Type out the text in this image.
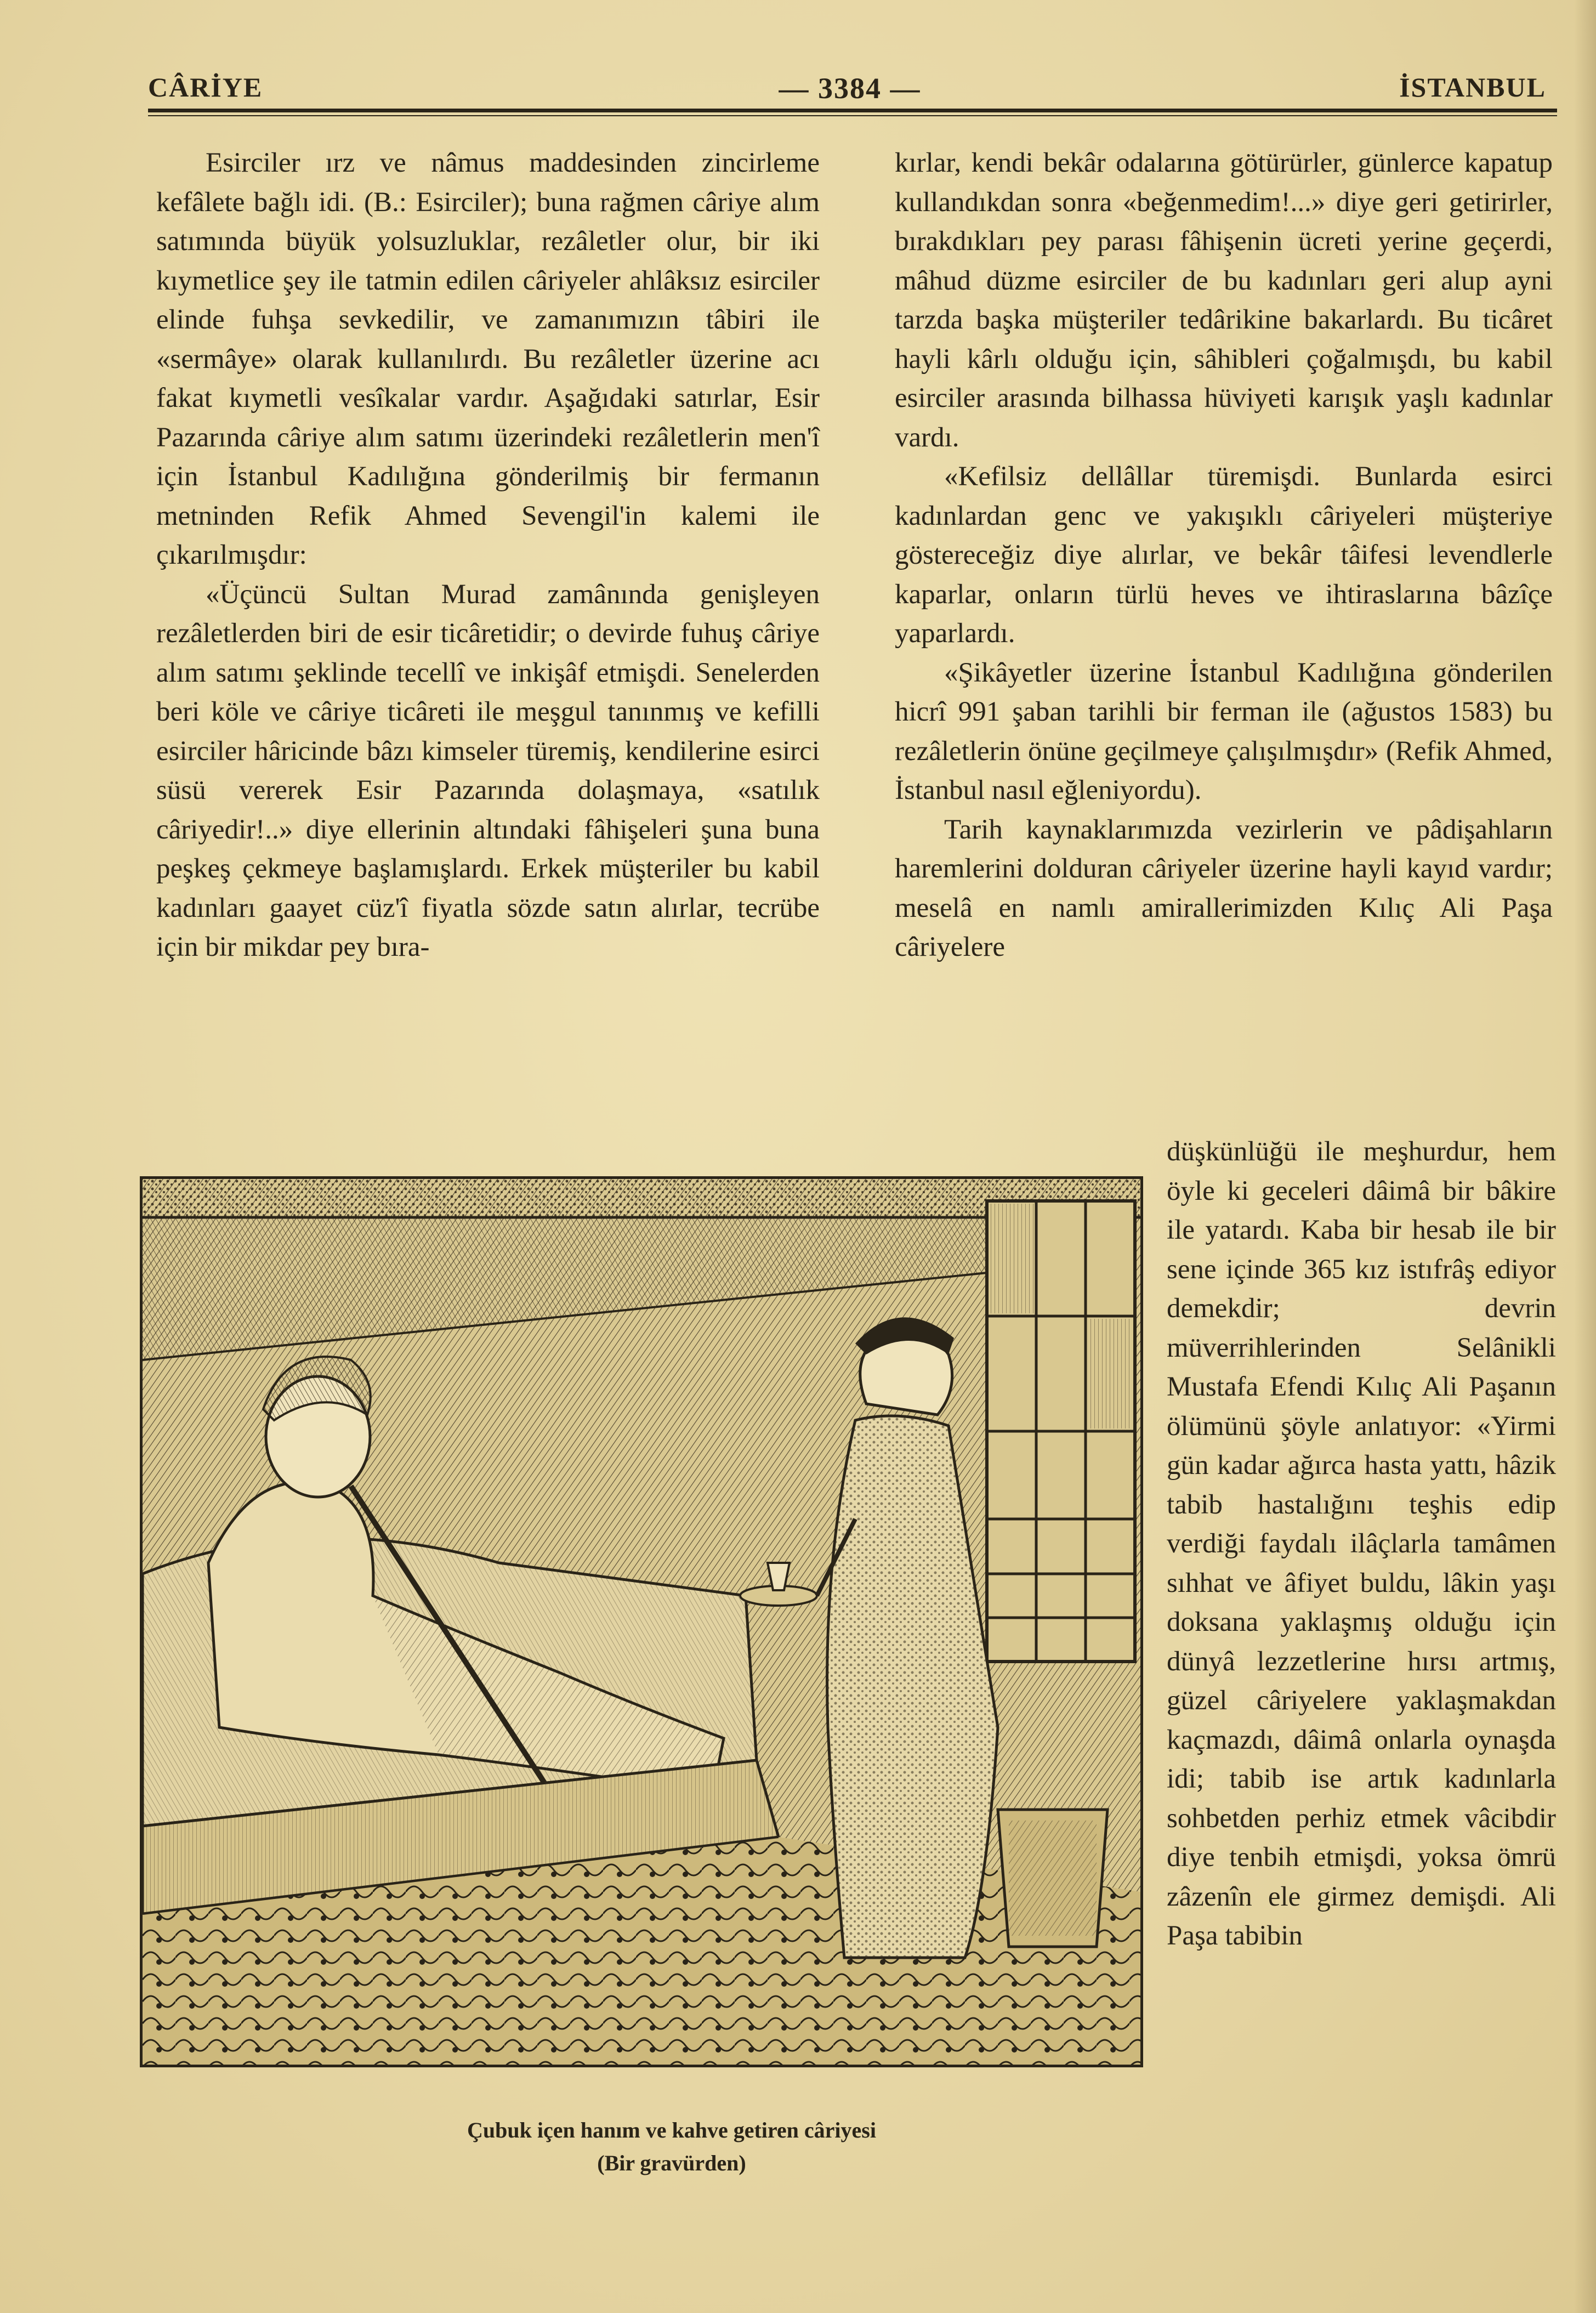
— 3384 —
CÂRİYE	İSTANBUL

Esirciler ırz ve nâmus maddesinden zincirleme kefâlete bağlı idi. (B.: Esirciler); buna rağmen câriye alım satımında büyük yolsuzluklar, rezâletler olur, bir iki kıymetlice şey ile tatmin edilen câriyeler ahlâksız esirciler elinde fuhşa sevkedilir, ve zamanımızın tâbiri ile «sermâye» olarak kullanılırdı. Bu rezâletler üzerine acı fakat kıymetli vesîkalar vardır. Aşağıdaki satırlar, Esir Pazarında câriye alım satımı üzerindeki rezâletlerin men'î için İstanbul Kadılığına gönderilmiş bir fermanın metninden Refik Ahmed Sevengil'in kalemi ile çıkarılmışdır:

«Üçüncü Sultan Murad zamânında genişleyen rezâletlerden biri de esir ticâretidir; o devirde fuhuş câriye alım satımı şeklinde tecellî ve inkişâf etmişdi. Senelerden beri köle ve câriye ticâreti ile meşgul tanınmış ve kefilli esirciler hâricinde bâzı kimseler türemiş, kendilerine esirci süsü vererek Esir Pazarında dolaşmaya, «satılık câriyedir!..» diye ellerinin altındaki fâhişeleri şuna buna peşkeş çekmeye başlamışlardı. Erkek müşteriler bu kabil kadınları gaayet cüz'î fiyatla sözde satın alırlar, tecrübe için bir mikdar pey bıra-

kırlar, kendi bekâr odalarına götürürler, günlerce kapatup kullandıkdan sonra «beğenmedim!...» diye geri getirirler, bırakdıkları pey parası fâhişenin ücreti yerine geçerdi, mâhud düzme esirciler de bu kadınları geri alup ayni tarzda başka müşteriler tedârikine bakarlardı. Bu ticâret hayli kârlı olduğu için, sâhibleri çoğalmışdı, bu kabil esirciler arasında bilhassa hüviyeti karışık yaşlı kadınlar vardı.

«Kefilsiz dellâllar türemişdi. Bunlarda esirci kadınlardan genc ve yakışıklı câriyeleri müşteriye göstereceğiz diye alırlar, ve bekâr tâifesi levendlerle kaparlar, onların türlü heves ve ihtiraslarına bâzîçe yaparlardı.

«Şikâyetler üzerine İstanbul Kadılığına gönderilen hicrî 991 şaban tarihli bir ferman ile (ağustos 1583) bu rezâletlerin önüne geçilmeye çalışılmışdır» (Refik Ahmed, İstanbul nasıl eğleniyordu).

Tarih kaynaklarımızda vezirlerin ve pâdişahların haremlerini dolduran câriyeler üzerine hayli kayıd vardır; meselâ en namlı amirallerimizden Kılıç Ali Paşa câriyelere

düşkünlüğü ile meşhurdur, hem öyle ki geceleri dâimâ bir bâkire ile yatardı. Kaba bir hesab ile bir sene içinde 365 kız istıfrâş ediyor demekdir; devrin müverrihlerinden Selânikli Mustafa Efendi Kılıç Ali Paşanın ölümünü şöyle anlatıyor: «Yirmi gün kadar ağırca hasta yattı, hâzik tabib hastalığını teşhis edip verdiği faydalı ilâçlarla tamâmen sıhhat ve âfiyet buldu, lâkin yaşı doksana yaklaşmış olduğu için dünyâ lezzetlerine hırsı artmış, güzel câriyelere yaklaşmakdan kaçmazdı, dâimâ onlarla oynaşda idi; tabib ise artık kadınlarla sohbetden perhiz etmek vâcibdir diye tenbih etmişdi, yoksa ömrü zâzenîn ele girmez demişdi. Ali Paşa tabibin

Çubuk içen hanım ve kahve getiren câriyesi
(Bir gravürden)
